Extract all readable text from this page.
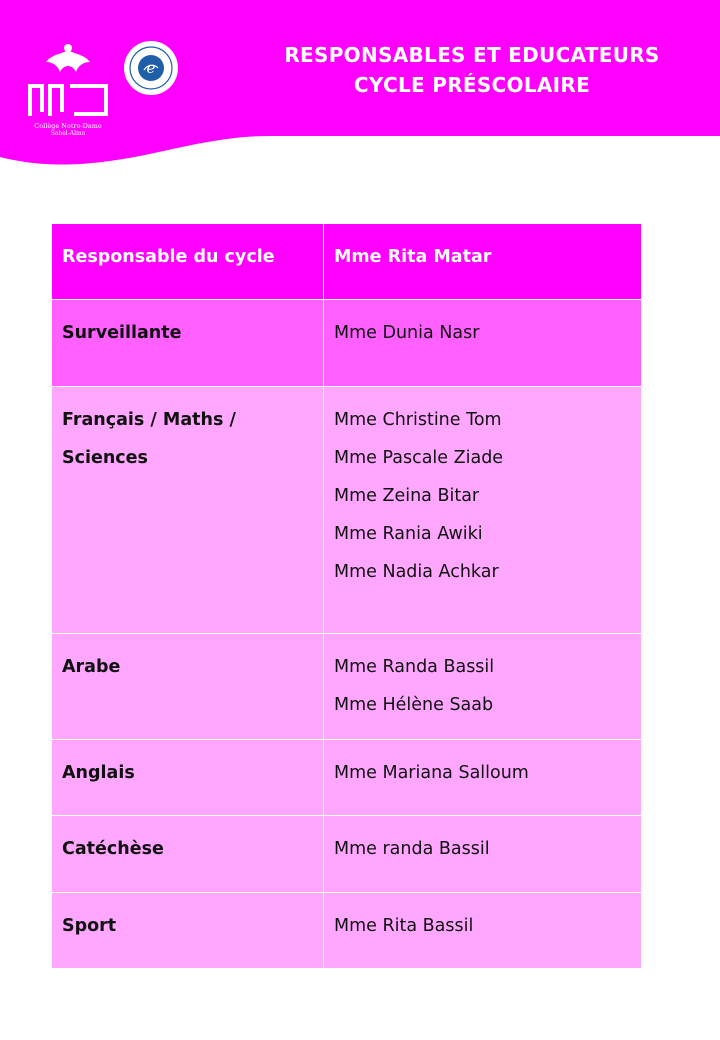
Collège Notre-Dame
Sahel-Alma
e
RESPONSABLES ET EDUCATEURS
CYCLE PRÉSCOLAIRE
Responsable du cycle	Mme Rita Matar

Surveillante	Mme Dunia Nasr

Français / Maths /
Sciences	Mme Christine Tom
Mme Pascale Ziade
Mme Zeina Bitar
Mme Rania Awiki
Mme Nadia Achkar

Arabe	Mme Randa Bassil
Mme Hélène Saab

Anglais	Mme Mariana Salloum

Catéchèse	Mme randa Bassil

Sport	Mme Rita Bassil
